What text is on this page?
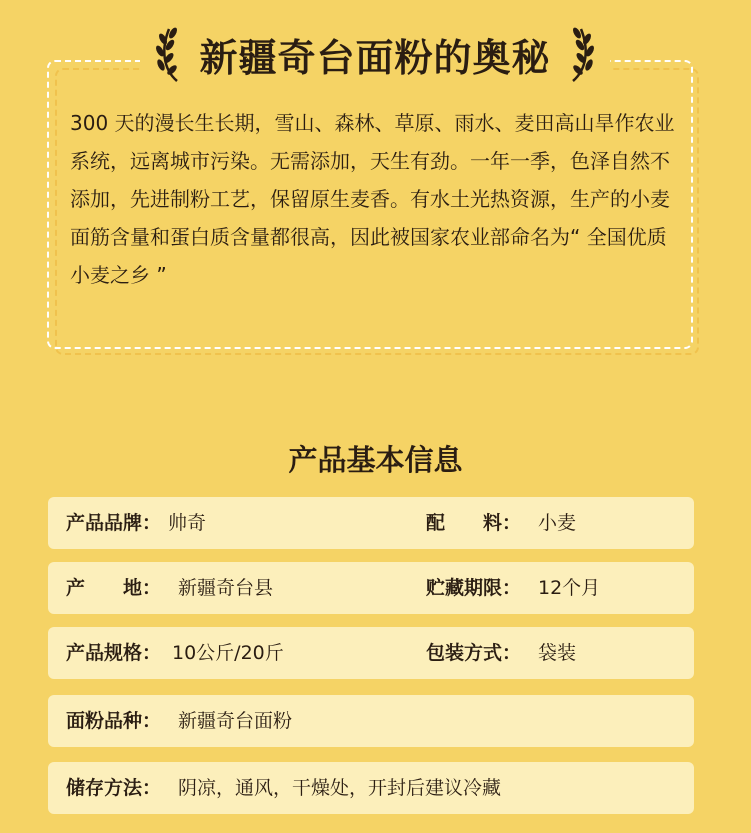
新疆奇台面粉的奥秘

300 天的漫长生长期，雪山、森林、草原、雨水、麦田高山旱作农业系统，远离城市污染。无需添加，天生有劲。一年一季，色泽自然不添加，先进制粉工艺，保留原生麦香。有水土光热资源，生产的小麦面筋含量和蛋白质含量都很高，因此被国家农业部命名为“ 全国优质小麦之乡 ”

产品基本信息
产品品牌： 帅奇	配　　料： 小麦
产　　地： 新疆奇台县	贮藏期限： 12个月
产品规格： 10公斤/20斤	包装方式： 袋装
面粉品种： 新疆奇台面粉
储存方法： 阴凉，通风，干燥处，开封后建议冷藏
